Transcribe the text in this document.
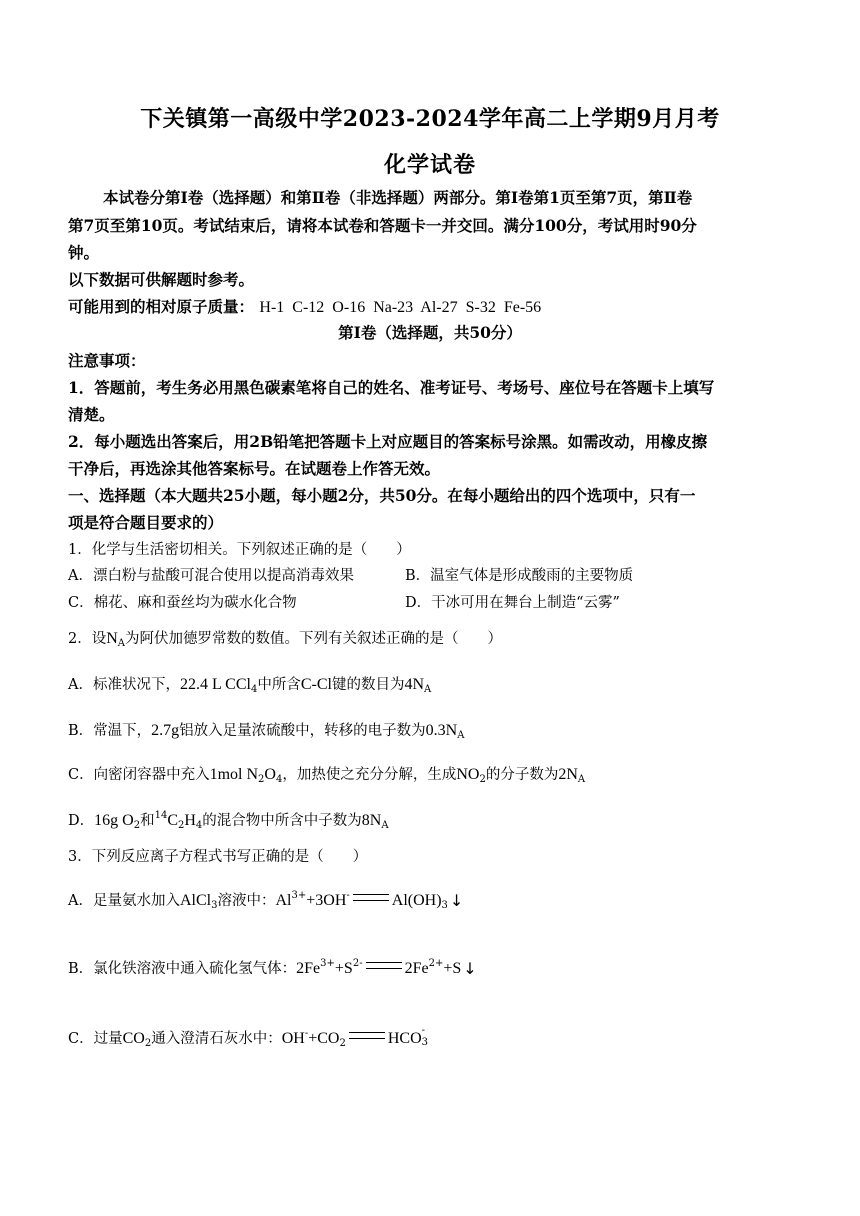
下关镇第一高级中学2023-2024学年高二上学期9月月考
化学试卷
本试卷分第Ⅰ卷（选择题）和第Ⅱ卷（非选择题）两部分。第Ⅰ卷第1页至第7页，第Ⅱ卷
第7页至第10页。考试结束后，请将本试卷和答题卡一并交回。满分100分，考试用时90分
钟。
以下数据可供解题时参考。
可能用到的相对原子质量： H-1  C-12  O-16  Na-23  Al-27  S-32  Fe-56
第Ⅰ卷（选择题，共50分）
注意事项：
1．答题前，考生务必用黑色碳素笔将自己的姓名、准考证号、考场号、座位号在答题卡上填写
清楚。
2．每小题选出答案后，用2B铅笔把答题卡上对应题目的答案标号涂黑。如需改动，用橡皮擦
干净后，再选涂其他答案标号。在试题卷上作答无效。
一、选择题（本大题共25小题，每小题2分，共50分。在每小题给出的四个选项中，只有一
项是符合题目要求的）
1．化学与生活密切相关。下列叙述正确的是（　　）
A．漂白粉与盐酸可混合使用以提高消毒效果	B．温室气体是形成酸雨的主要物质
C．棉花、麻和蚕丝均为碳水化合物	D．干冰可用在舞台上制造“云雾”
2．设$N_A$为阿伏加德罗常数的数值。下列有关叙述正确的是（　　）
A．标准状况下，22.4 L CCl$_4$中所含C-Cl键的数目为$4N_A$
B．常温下，2.7g铝放入足量浓硫酸中，转移的电子数为$0.3N_A$
C．向密闭容器中充入1mol $N_2O_4$，加热使之充分分解，生成$NO_2$的分子数为$2N_A$
D．16g $O_2$和$^{14}C_2H_4$的混合物中所含中子数为$8N_A$
3．下列反应离子方程式书写正确的是（　　）
A．足量氨水加入AlCl$_3$溶液中：$Al^{3+}+3OH^-$	$Al(OH)_3$ ↓
B．氯化铁溶液中通入硫化氢气体：$2Fe^{3+}+S^{2-}$	$2Fe^{2+}+S$ ↓
C．过量$CO_2$通入澄清石灰水中：$OH^-+CO_2$	HCO -
3
